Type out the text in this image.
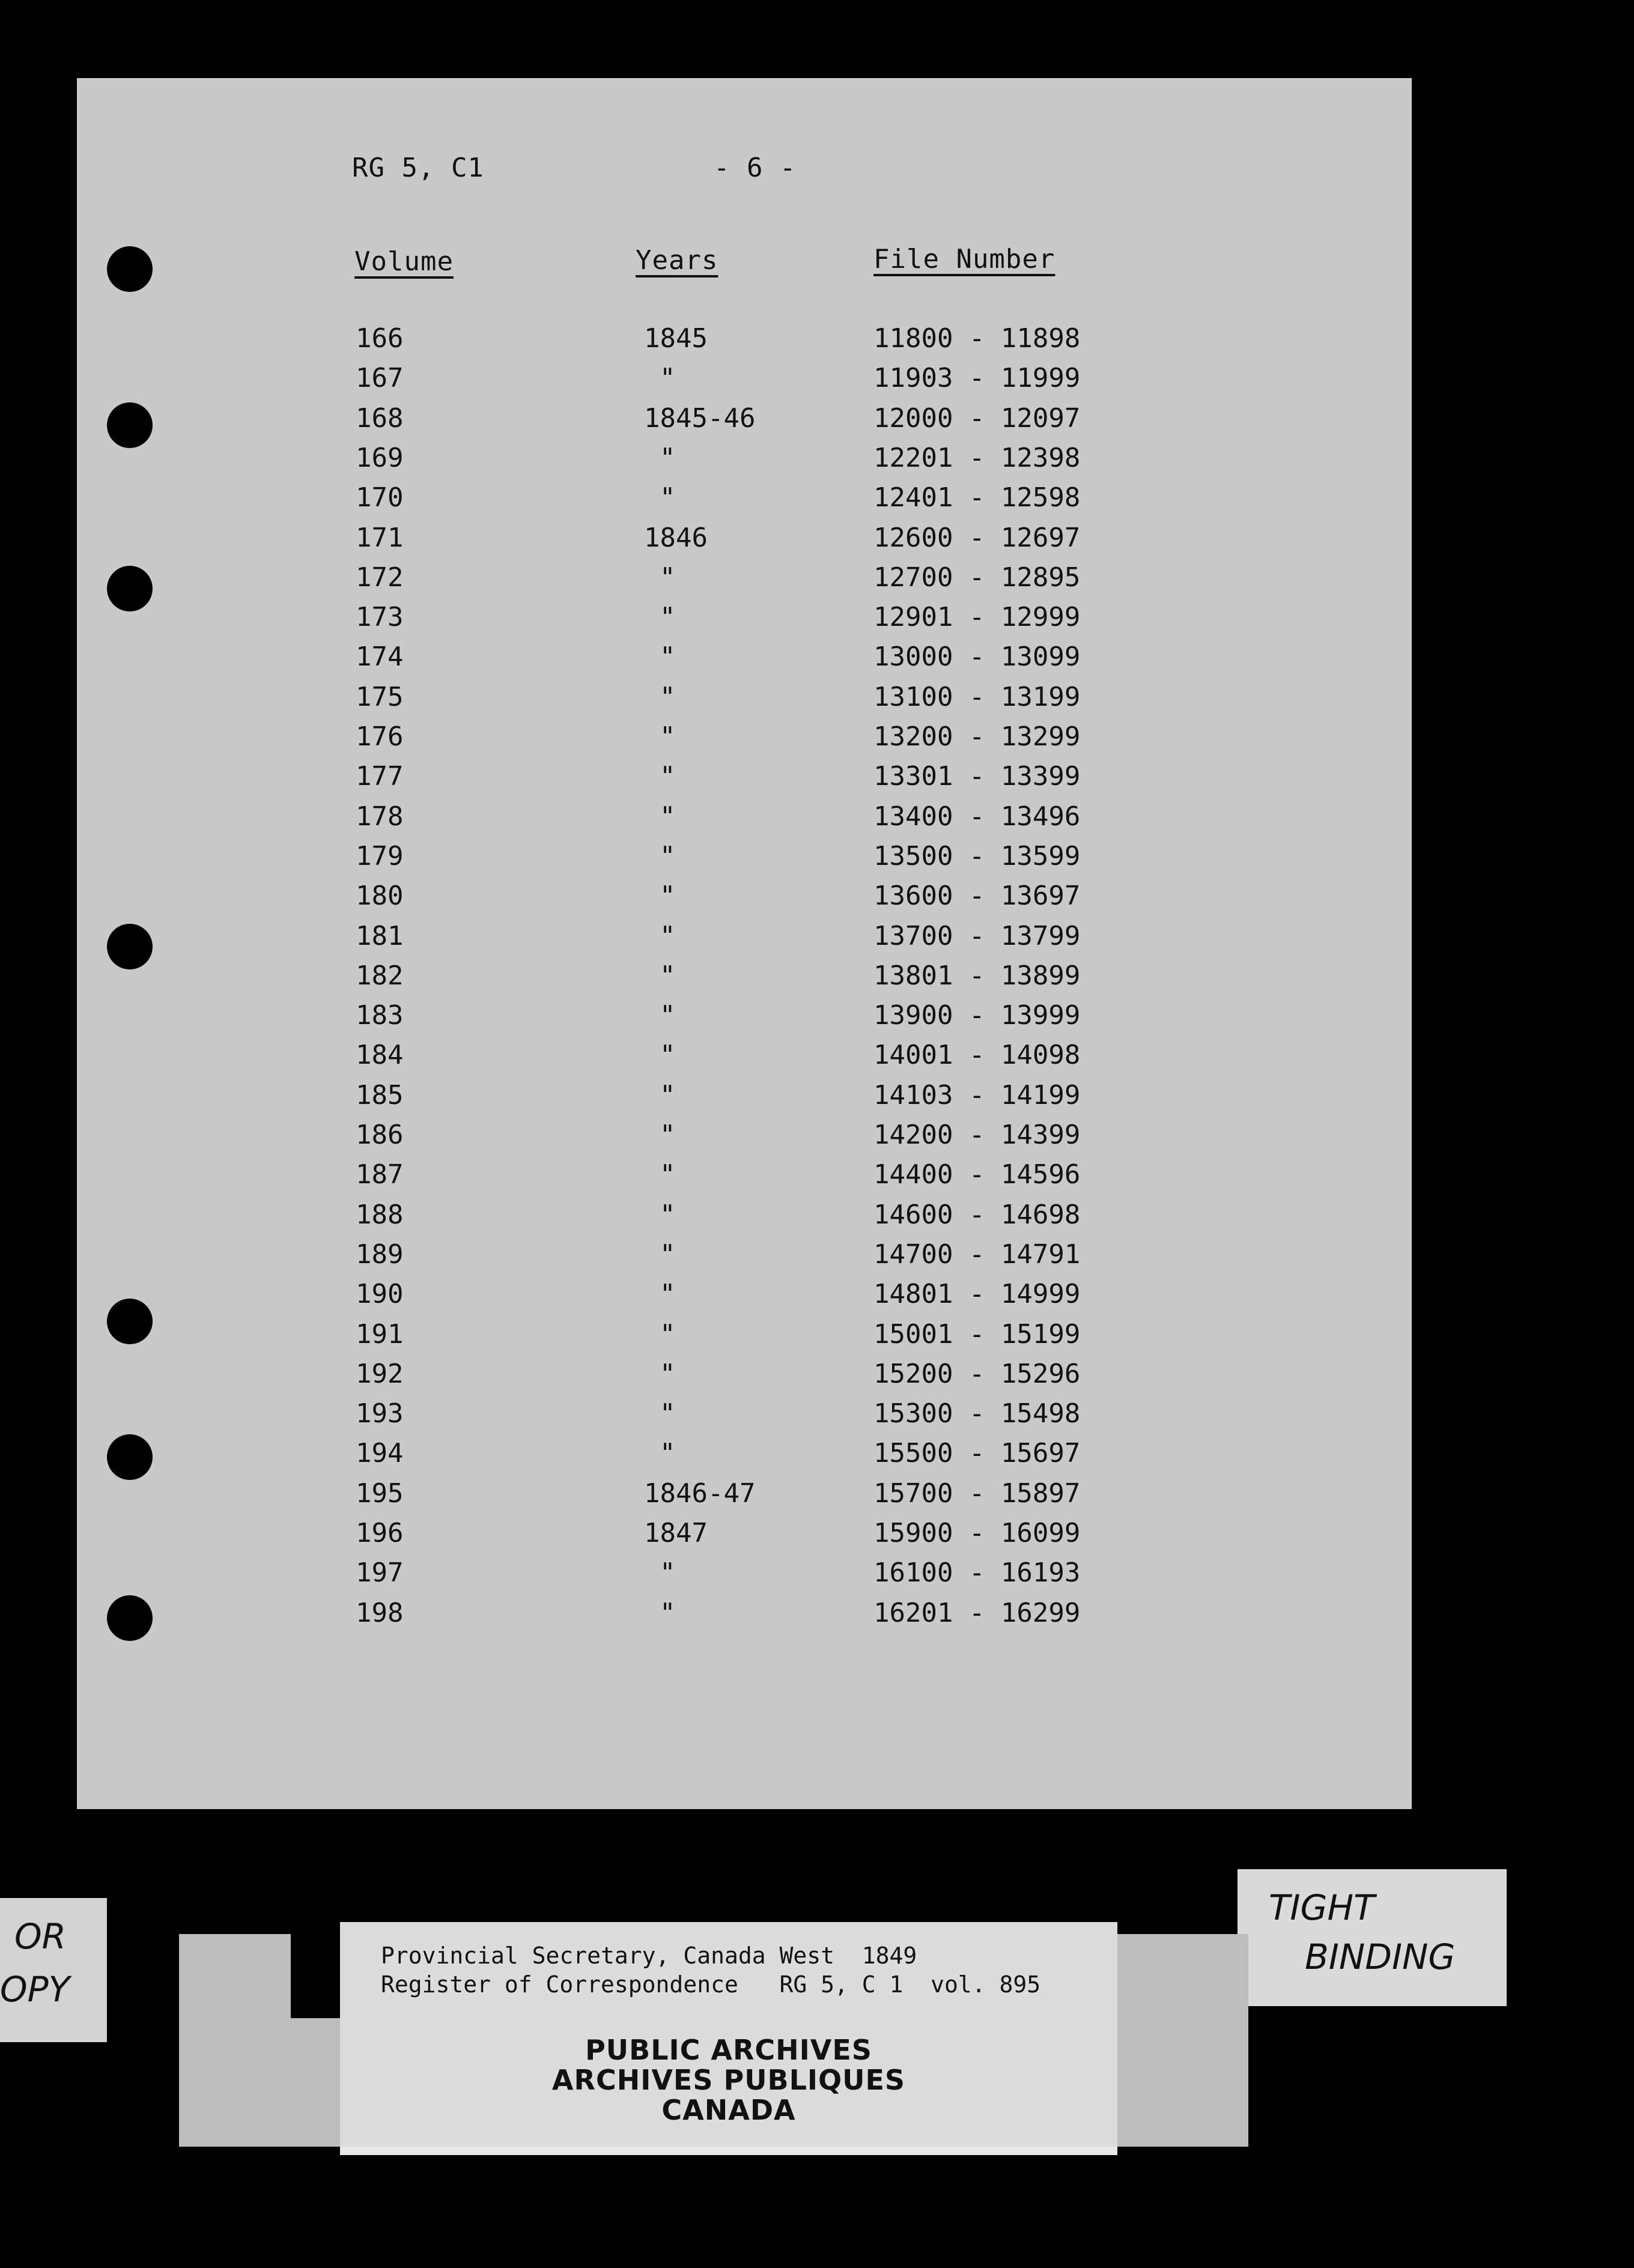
RG 5, C1	- 6 -
Volume	Years	File Number
166	1845	11800 - 11898
167	"	11903 - 11999
168	1845-46	12000 - 12097
169	"	12201 - 12398
170	"	12401 - 12598
171	1846	12600 - 12697
172	"	12700 - 12895
173	"	12901 - 12999
174	"	13000 - 13099
175	"	13100 - 13199
176	"	13200 - 13299
177	"	13301 - 13399
178	"	13400 - 13496
179	"	13500 - 13599
180	"	13600 - 13697
181	"	13700 - 13799
182	"	13801 - 13899
183	"	13900 - 13999
184	"	14001 - 14098
185	"	14103 - 14199
186	"	14200 - 14399
187	"	14400 - 14596
188	"	14600 - 14698
189	"	14700 - 14791
190	"	14801 - 14999
191	"	15001 - 15199
192	"	15200 - 15296
193	"	15300 - 15498
194	"	15500 - 15697
195	1846-47	15700 - 15897
196	1847	15900 - 16099
197	"	16100 - 16193
198	"	16201 - 16299
OR
OPY
TIGHT
BINDING
Provincial Secretary, Canada West  1849
Register of Correspondence   RG 5, C 1  vol. 895
PUBLIC ARCHIVES
ARCHIVES PUBLIQUES
CANADA
